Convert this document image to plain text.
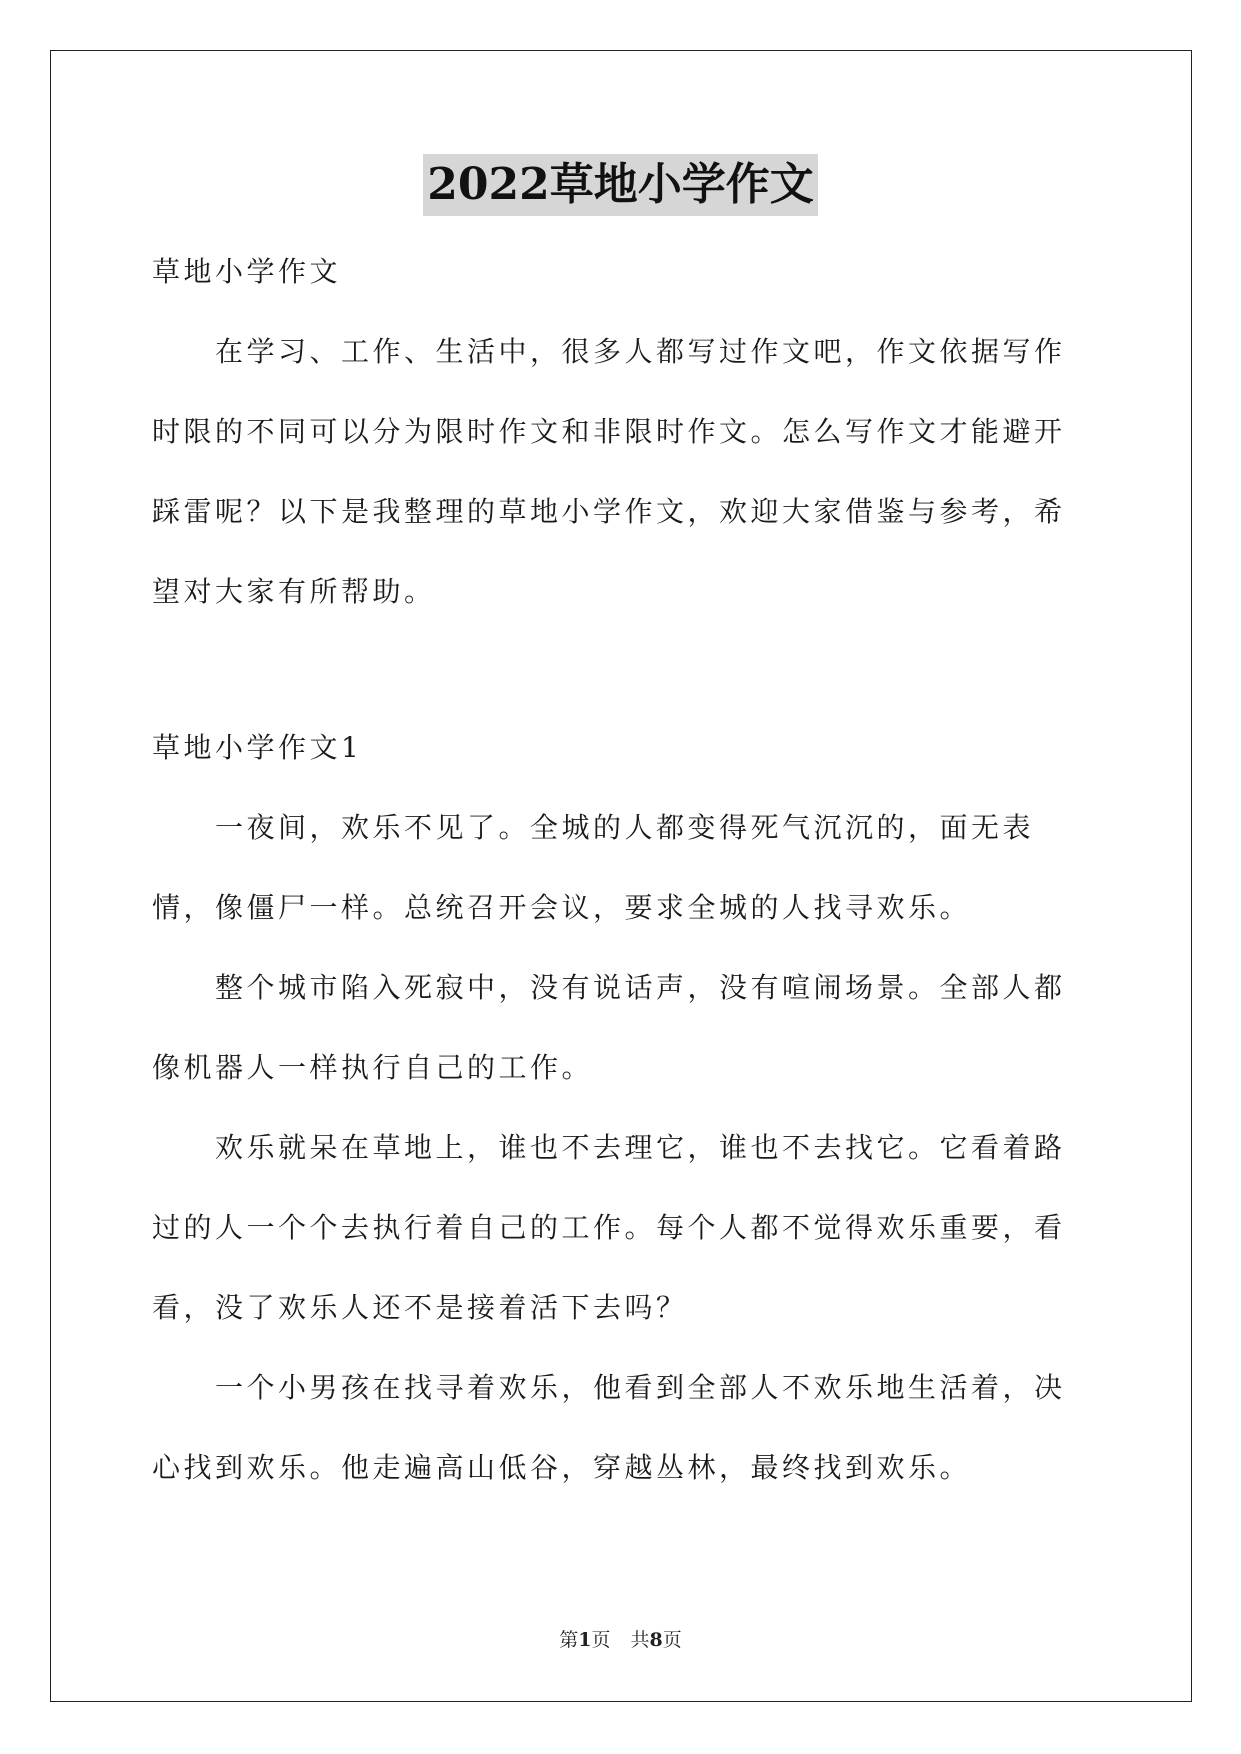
2022草地小学作文

草地小学作文

在学习、工作、生活中，很多人都写过作文吧，作文依据写作时限的不同可以分为限时作文和非限时作文。怎么写作文才能避开踩雷呢？以下是我整理的草地小学作文，欢迎大家借鉴与参考，希望对大家有所帮助。

草地小学作文1

一夜间，欢乐不见了。全城的人都变得死气沉沉的，面无表情，像僵尸一样。总统召开会议，要求全城的人找寻欢乐。

整个城市陷入死寂中，没有说话声，没有喧闹场景。全部人都像机器人一样执行自己的工作。

欢乐就呆在草地上，谁也不去理它，谁也不去找它。它看着路过的人一个个去执行着自己的工作。每个人都不觉得欢乐重要，看看，没了欢乐人还不是接着活下去吗？

一个小男孩在找寻着欢乐，他看到全部人不欢乐地生活着，决心找到欢乐。他走遍高山低谷，穿越丛林，最终找到欢乐。

第1页 共8页
